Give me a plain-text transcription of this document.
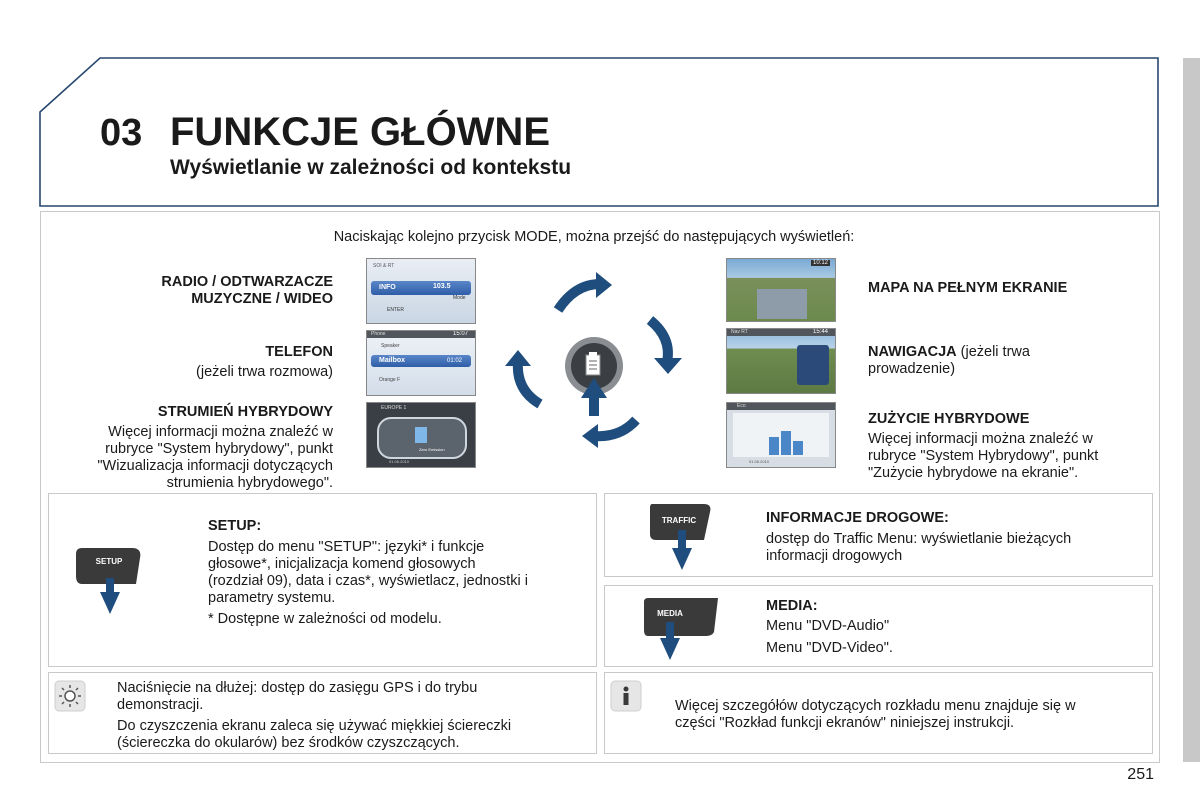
03 FUNKCJE GŁÓWNE
Wyświetlanie w zależności od kontekstu
Naciskając kolejno przycisk MODE, można przejść do następujących wyświetleń:
RADIO / ODTWARZACZE
MUZYCZNE / WIDEO
TELEFON
(jeżeli trwa rozmowa)
STRUMIEŃ HYBRYDOWY
Więcej informacji można znaleźć w
rubryce "System hybrydowy", punkt
"Wizualizacja informacji dotyczących
strumienia hybrydowego".
SOI & RT
INFO	103.5
Mode
ENTER
Phone	15:07
Speaker
Mailbox	01:02
Orange F
EUROPE 1
Zero Emission
01.06.2010
10:12
Nav RT	15:44
Eco
01.06.2010
MAPA NA PEŁNYM EKRANIE
NAWIGACJA (jeżeli trwa
prowadzenie)
ZUŻYCIE HYBRYDOWE
Więcej informacji można znaleźć w
rubryce "System Hybrydowy", punkt
"Zużycie hybrydowe na ekranie".
SETUP
SETUP:
Dostęp do menu "SETUP": języki* i funkcje
głosowe*, inicjalizacja komend głosowych
(rozdział 09), data i czas*, wyświetlacz, jednostki i
parametry systemu.
* Dostępne w zależności od modelu.
TRAFFIC	INFORMACJE DROGOWE:
dostęp do Traffic Menu: wyświetlanie bieżących
informacji drogowych
MEDIA	MEDIA:
Menu "DVD-Audio"
Menu "DVD-Video".
Naciśnięcie na dłużej: dostęp do zasięgu GPS i do trybu
demonstracji.
Do czyszczenia ekranu zaleca się używać miękkiej ściereczki
(ściereczka do okularów) bez środków czyszczących.
Więcej szczegółów dotyczących rozkładu menu znajduje się w
części "Rozkład funkcji ekranów" niniejszej instrukcji.
251
